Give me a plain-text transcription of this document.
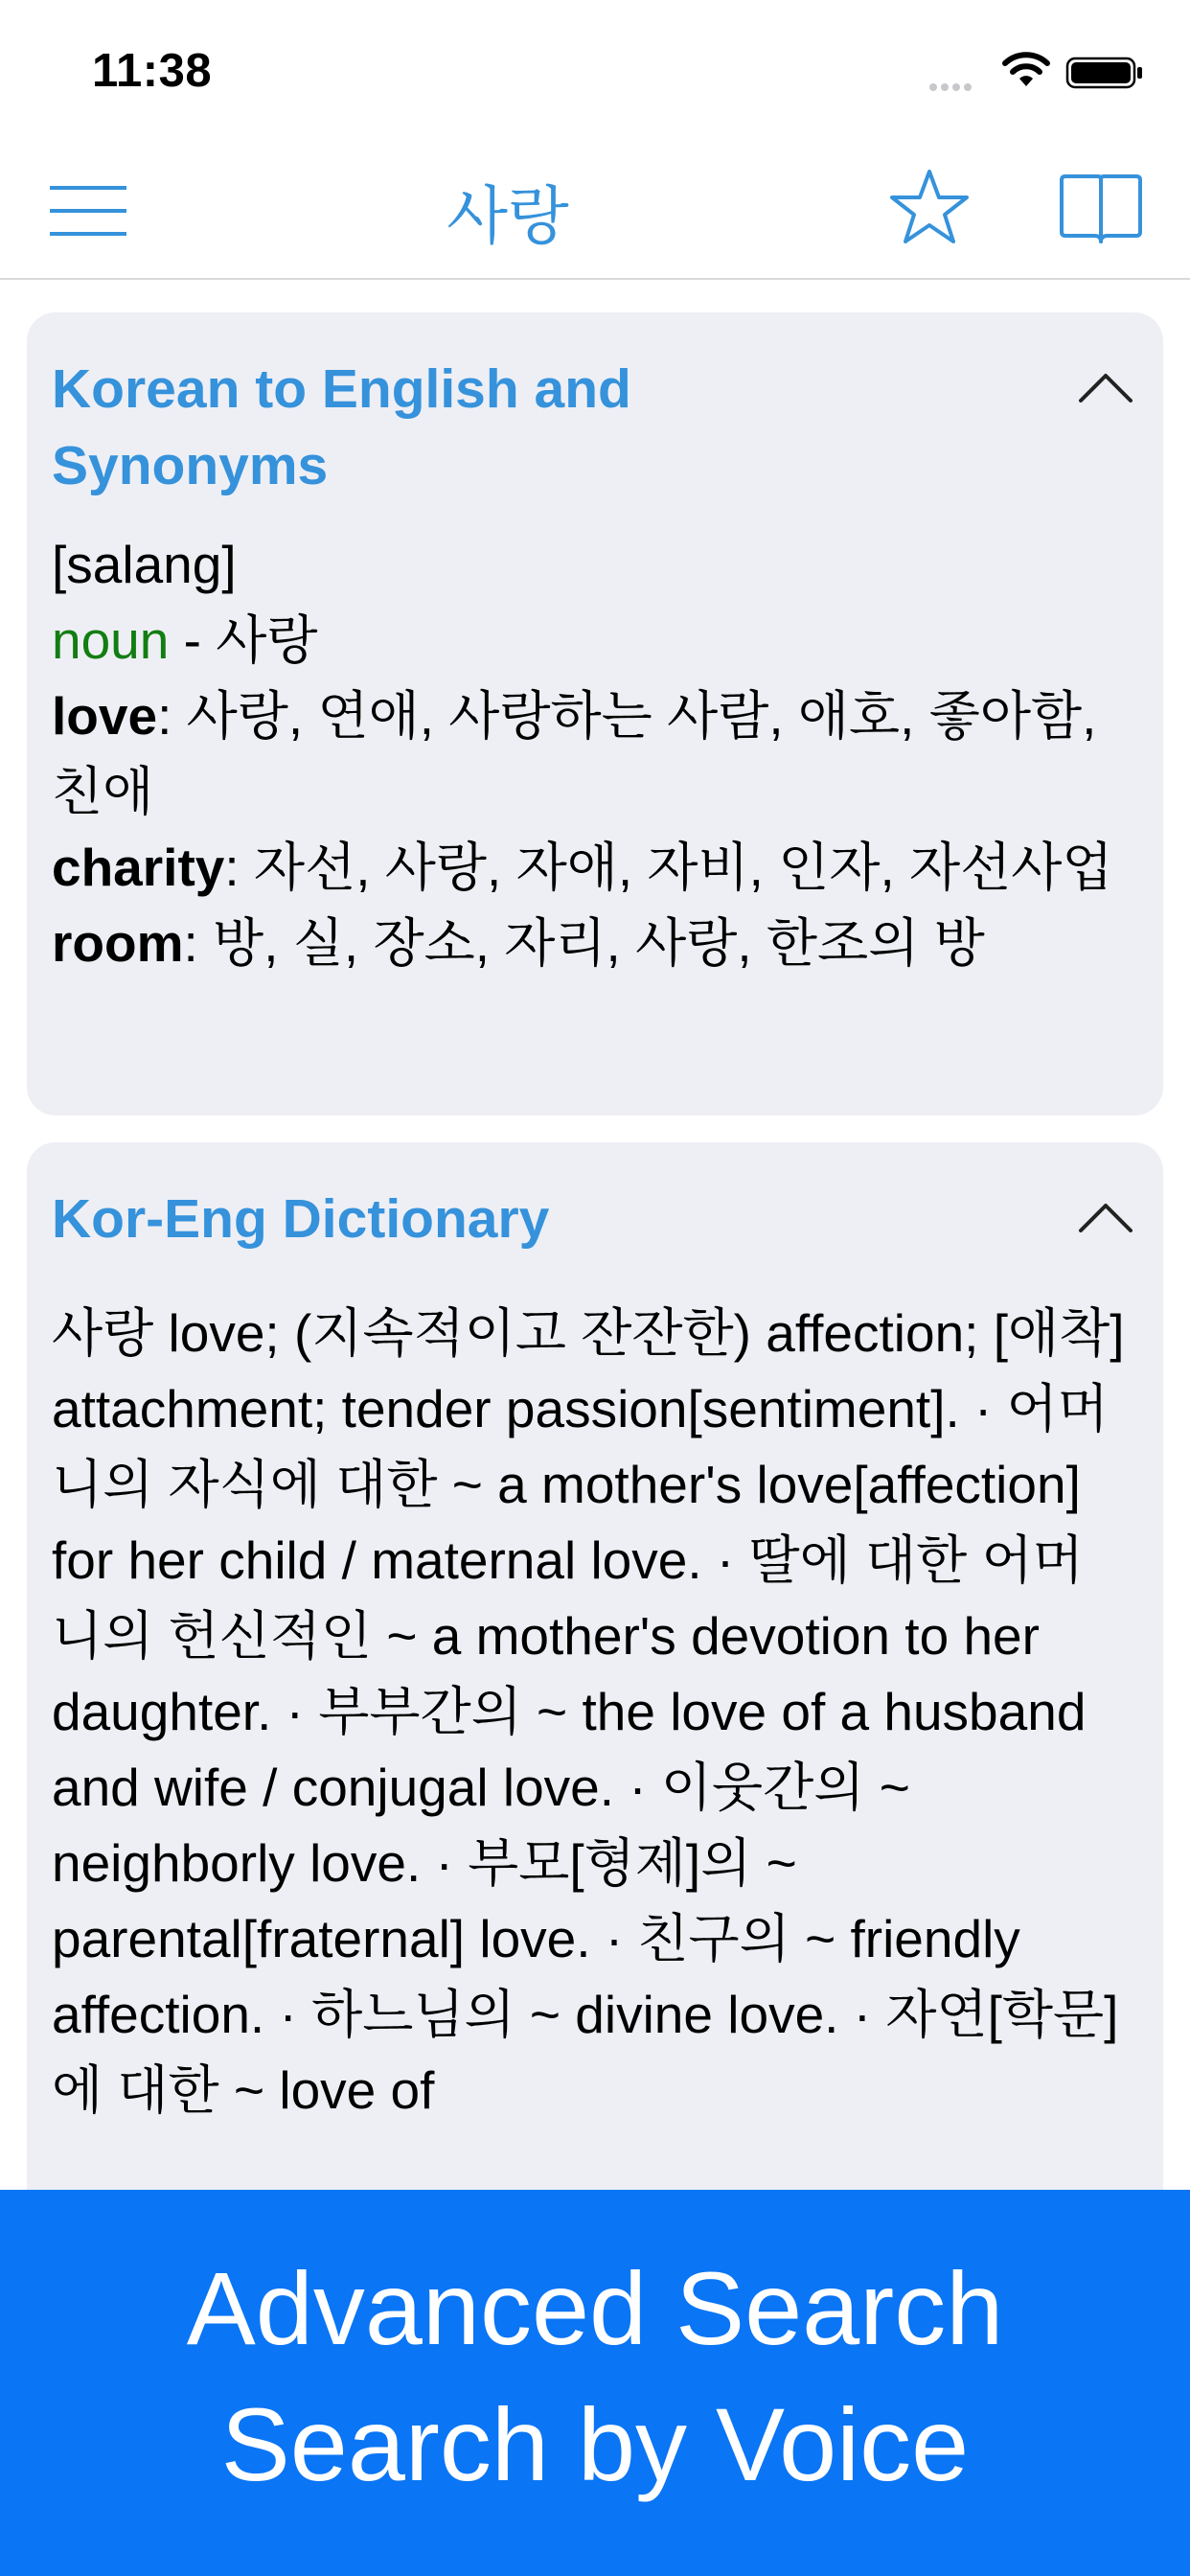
11:38
사랑
Korean to English and Synonyms
[salang]
noun - 사랑
love: 사랑, 연애, 사랑하는 사람, 애호, 좋아함, 친애
charity: 자선, 사랑, 자애, 자비, 인자, 자선사업
room: 방, 실, 장소, 자리, 사랑, 한조의 방
Kor-Eng Dictionary
사랑 love; (지속적이고 잔잔한) affection; [애착] attachment; tender passion[sentiment]. · 어머니의 자식에 대한 ~ a mother's love[affection] for her child / maternal love. · 딸에 대한 어머니의 헌신적인 ~ a mother's devotion to her daughter. · 부부간의 ~ the love of a husband and wife / conjugal love. · 이웃간의 ~ neighborly love. · 부모[형제]의 ~ parental[fraternal] love. · 친구의 ~ friendly affection. · 하느님의 ~ divine love. · 자연[학문]에 대한 ~ love of
Advanced Search
Search by Voice
